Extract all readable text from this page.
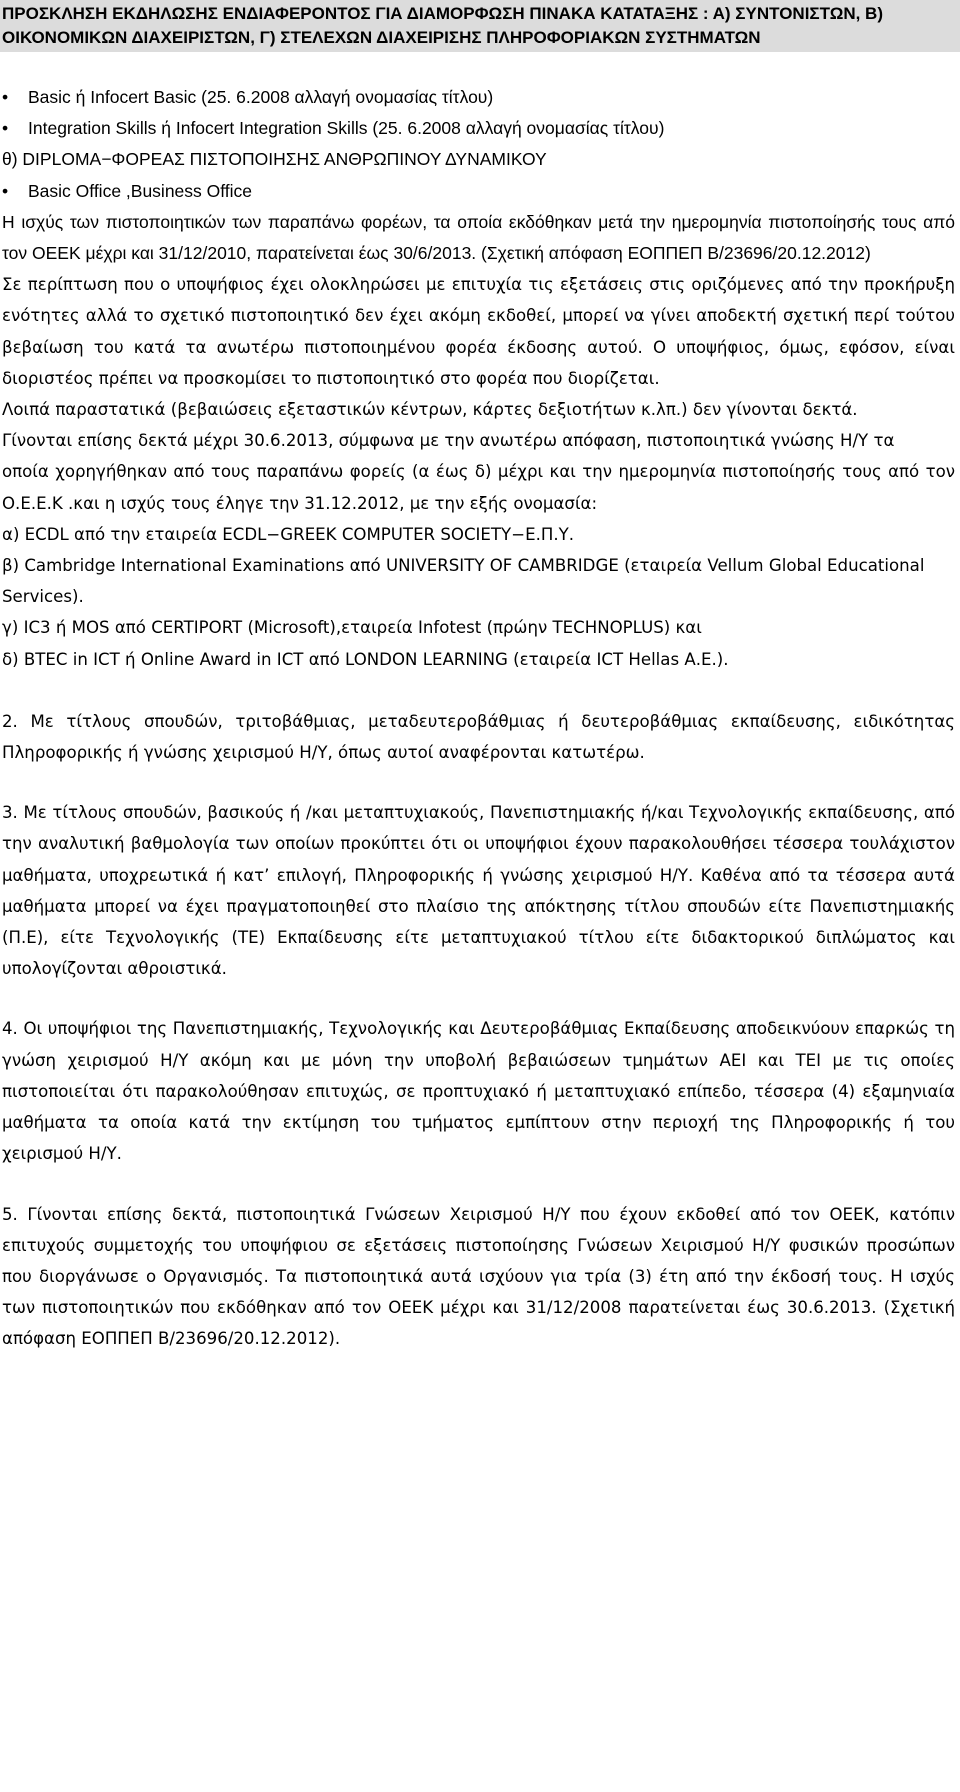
ΠΡΟΣΚΛΗΣΗ ΕΚΔΗΛΩΣΗΣ ΕΝΔΙΑΦΕΡΟΝΤΟΣ ΓΙΑ ΔΙΑΜΟΡΦΩΣΗ ΠΙΝΑΚΑ ΚΑΤΑΤΑΞΗΣ : Α) ΣΥΝΤΟΝΙΣΤΩΝ, Β)
ΟΙΚΟΝΟΜΙΚΩΝ ΔΙΑΧΕΙΡΙΣΤΩΝ, Γ) ΣΤΕΛΕΧΩΝ ΔΙΑΧΕΙΡΙΣΗΣ ΠΛΗΡΟΦΟΡΙΑΚΩΝ ΣΥΣΤΗΜΑΤΩΝ
• Basic ή Infocert Basic (25. 6.2008 αλλαγή ονομασίας τίτλου)
• Integration Skills ή Infocert Integration Skills (25. 6.2008 αλλαγή ονομασίας τίτλου)

θ) DIPLOMA−ΦΟΡΕΑΣ ΠΙΣΤΟΠΟΙΗΣΗΣ ΑΝΘΡΩΠΙΝΟΥ ΔΥΝΑΜΙΚΟΥ

• Basic Office ,Business Office

Η ισχύς των πιστοποιητικών των παραπάνω φορέων, τα οποία εκδόθηκαν μετά την ημερομηνία πιστοποίησής τους από τον ΟΕΕΚ μέχρι και 31/12/2010, παρατείνεται έως 30/6/2013. (Σχετική απόφαση ΕΟΠΠΕΠ Β/23696/20.12.2012)

Σε περίπτωση που ο υποψήφιος έχει ολοκληρώσει με επιτυχία τις εξετάσεις στις οριζόμενες από την προκήρυξη ενότητες αλλά το σχετικό πιστοποιητικό δεν έχει ακόμη εκδοθεί, μπορεί να γίνει αποδεκτή σχετική περί τούτου βεβαίωση του κατά τα ανωτέρω πιστοποιημένου φορέα έκδοσης αυτού. Ο υποψήφιος, όμως, εφόσον, είναι διοριστέος πρέπει να προσκομίσει το πιστοποιητικό στο φορέα που διορίζεται.

Λοιπά παραστατικά (βεβαιώσεις εξεταστικών κέντρων, κάρτες δεξιοτήτων κ.λπ.) δεν γίνονται δεκτά.

Γίνονται επίσης δεκτά μέχρι 30.6.2013, σύμφωνα με την ανωτέρω απόφαση, πιστοποιητικά γνώσης Η/Υ τα

οποία χορηγήθηκαν από τους παραπάνω φορείς (α έως δ) μέχρι και την ημερομηνία πιστοποίησής τους από τον Ο.Ε.Ε.Κ .και η ισχύς τους έληγε την 31.12.2012, με την εξής ονομασία:

α) ECDL από την εταιρεία ECDL−GREEK COMPUTER SOCIETY−Ε.Π.Υ.

β) Cambridge International Examinations από UNIVERSITY OF CAMBRIDGE (εταιρεία Vellum Global Educational Services).

γ) IC3 ή MOS από CERTIPORT (Microsoft),εταιρεία Infotest (πρώην TECHNOPLUS) και

δ) BTEC in ICT ή Online Award in ICT από LONDON LEARNING (εταιρεία ICT Hellas Α.Ε.).

2. Με τίτλους σπουδών, τριτοβάθμιας, μεταδευτεροβάθμιας ή δευτεροβάθμιας εκπαίδευσης, ειδικότητας Πληροφορικής ή γνώσης χειρισμού Η/Υ, όπως αυτοί αναφέρονται κατωτέρω.

3. Με τίτλους σπουδών, βασικούς ή /και μεταπτυχιακούς, Πανεπιστημιακής ή/και Τεχνολογικής εκπαίδευσης, από την αναλυτική βαθμολογία των οποίων προκύπτει ότι οι υποψήφιοι έχουν παρακολουθήσει τέσσερα τουλάχιστον μαθήματα, υποχρεωτικά ή κατ’ επιλογή, Πληροφορικής ή γνώσης χειρισμού Η/Υ. Καθένα από τα τέσσερα αυτά μαθήματα μπορεί να έχει πραγματοποιηθεί στο πλαίσιο της απόκτησης τίτλου σπουδών είτε Πανεπιστημιακής (Π.Ε), είτε Τεχνολογικής (ΤΕ) Εκπαίδευσης είτε μεταπτυχιακού τίτλου είτε διδακτορικού διπλώματος και υπολογίζονται αθροιστικά.

4. Οι υποψήφιοι της Πανεπιστημιακής, Τεχνολογικής και Δευτεροβάθμιας Εκπαίδευσης αποδεικνύουν επαρκώς τη γνώση χειρισμού Η/Υ ακόμη και με μόνη την υποβολή βεβαιώσεων τμημάτων ΑΕΙ και ΤΕΙ με τις οποίες πιστοποιείται ότι παρακολούθησαν επιτυχώς, σε προπτυχιακό ή μεταπτυχιακό επίπεδο, τέσσερα (4) εξαμηνιαία μαθήματα τα οποία κατά την εκτίμηση του τμήματος εμπίπτουν στην περιοχή της Πληροφορικής ή του χειρισμού Η/Υ.

5. Γίνονται επίσης δεκτά, πιστοποιητικά Γνώσεων Χειρισμού Η/Υ που έχουν εκδοθεί από τον ΟΕΕΚ, κατόπιν επιτυχούς συμμετοχής του υποψήφιου σε εξετάσεις πιστοποίησης Γνώσεων Χειρισμού Η/Υ φυσικών προσώπων που διοργάνωσε ο Οργανισμός. Τα πιστοποιητικά αυτά ισχύουν για τρία (3) έτη από την έκδοσή τους. Η ισχύς των πιστοποιητικών που εκδόθηκαν από τον ΟΕΕΚ μέχρι και 31/12/2008 παρατείνεται έως 30.6.2013. (Σχετική απόφαση ΕΟΠΠΕΠ Β/23696/20.12.2012).
